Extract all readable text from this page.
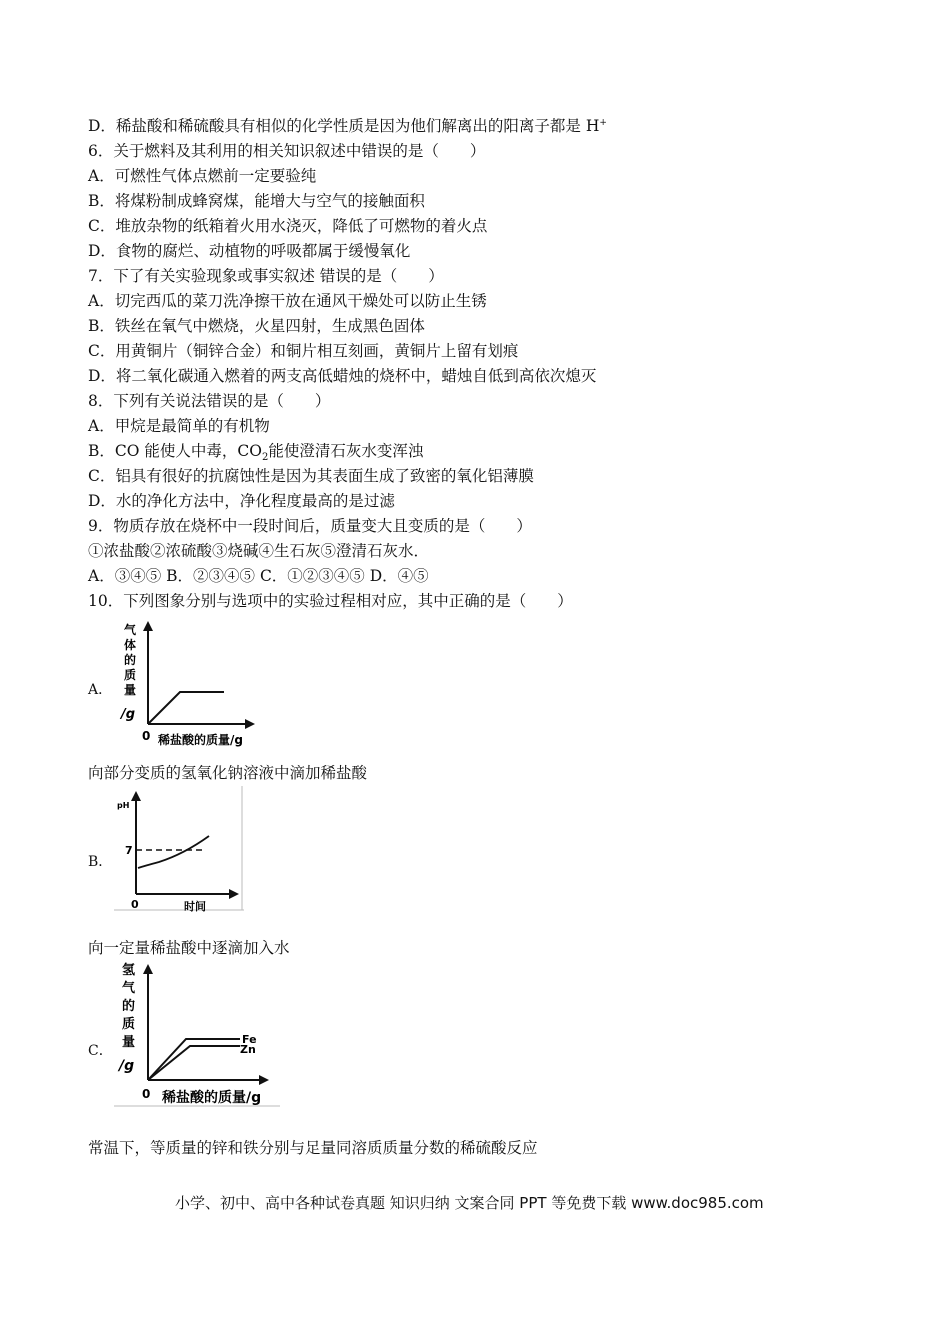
D．稀盐酸和稀硫酸具有相似的化学性质是因为他们解离出的阳离子都是 H+
6．关于燃料及其利用的相关知识叙述中错误的是（　　）
A．可燃性气体点燃前一定要验纯
B．将煤粉制成蜂窝煤，能增大与空气的接触面积
C．堆放杂物的纸箱着火用水浇灭，降低了可燃物的着火点
D．食物的腐烂、动植物的呼吸都属于缓慢氧化
7．下了有关实验现象或事实叙述 错误的是（　　）
A．切完西瓜的菜刀洗净擦干放在通风干燥处可以防止生锈
B．铁丝在氧气中燃烧，火星四射，生成黑色固体
C．用黄铜片（铜锌合金）和铜片相互刻画，黄铜片上留有划痕
D．将二氧化碳通入燃着的两支高低蜡烛的烧杯中，蜡烛自低到高依次熄灭
8．下列有关说法错误的是（　　）
A．甲烷是最简单的有机物
B．CO 能使人中毒，$CO_2$能使澄清石灰水变浑浊
C．铝具有很好的抗腐蚀性是因为其表面生成了致密的氧化铝薄膜
D．水的净化方法中，净化程度最高的是过滤
9．物质存放在烧杯中一段时间后，质量变大且变质的是（　　）
①浓盐酸②浓硫酸③烧碱④生石灰⑤澄清石灰水．
A．③④⑤ B．②③④⑤ C．①②③④⑤ D．④⑤
10．下列图象分别与选项中的实验过程相对应，其中正确的是（　　）
A．
气
体
的
质
量
/g
0 稀盐酸的质量/g
向部分变质的氢氧化钠溶液中滴加稀盐酸
B．
pH
7
0	时间
向一定量稀盐酸中逐滴加入水
C．
Fe
Zn
氢
气
的
质
量
/g
0 稀盐酸的质量/g
常温下，等质量的锌和铁分别与足量同溶质质量分数的稀硫酸反应
小学、初中、高中各种试卷真题 知识归纳 文案合同 PPT 等免费下载 www.doc985.com
